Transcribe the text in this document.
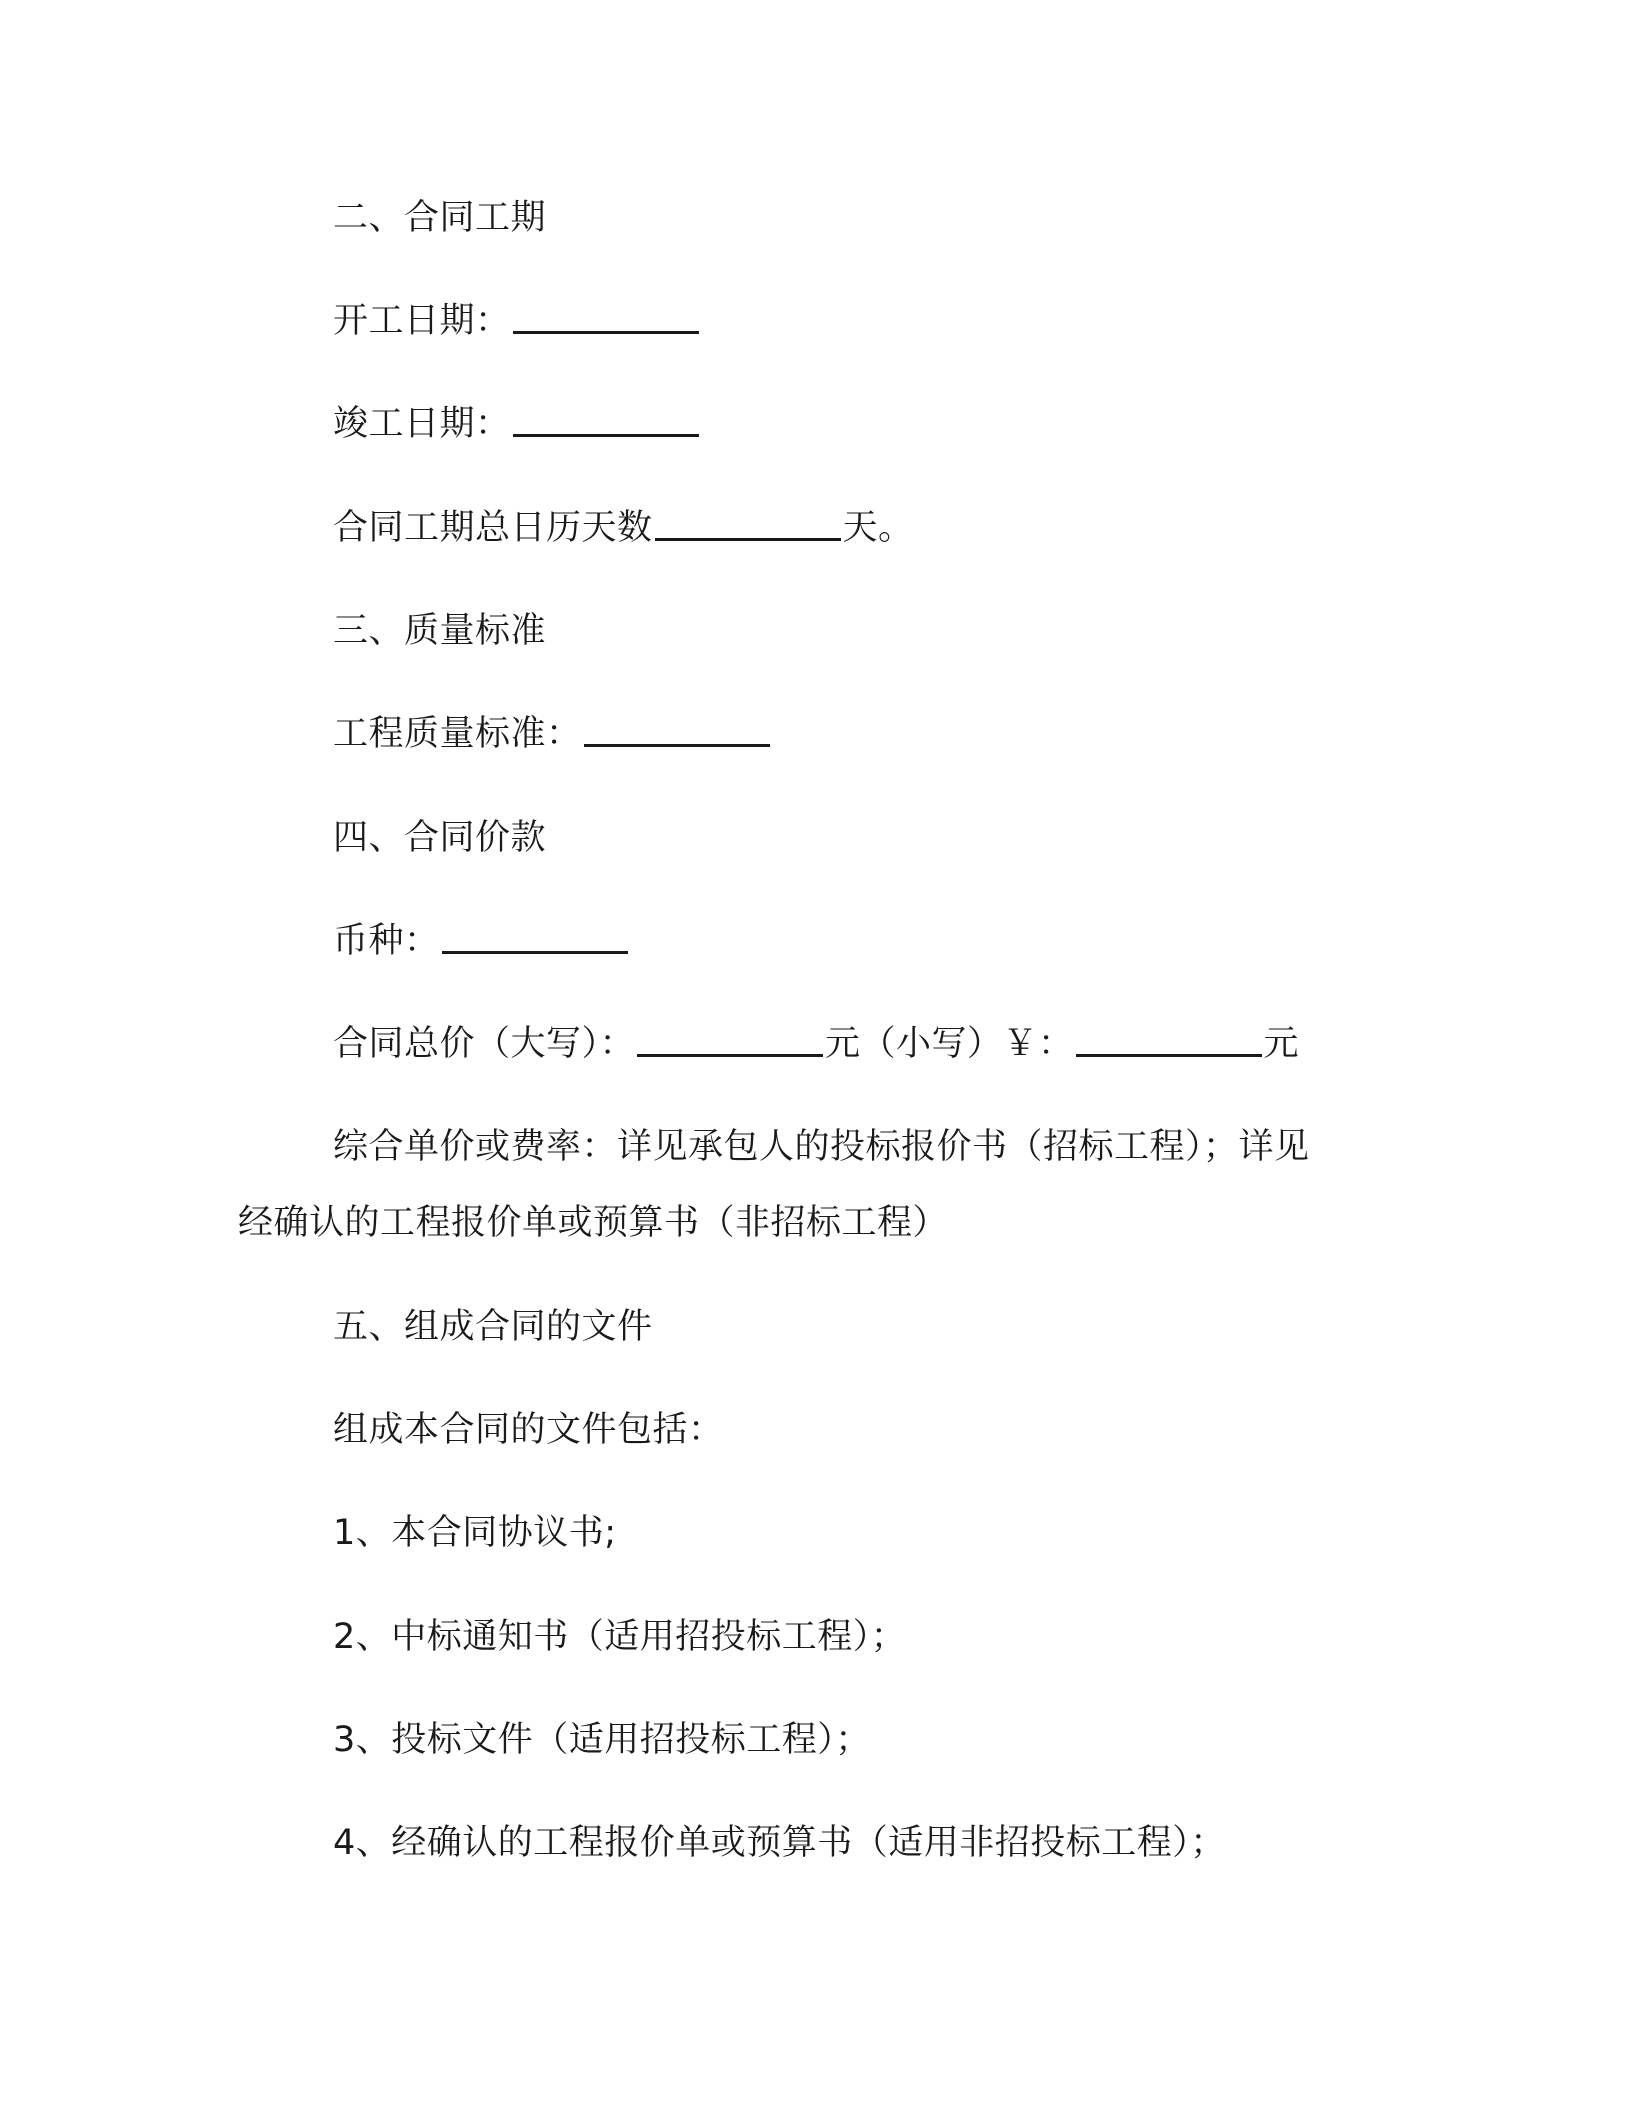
二、合同工期
开工日期：
竣工日期：
合同工期总日历天数	天。
三、质量标准
工程质量标准：
四、合同价款
币种：
合同总价（大写）：	元（小写）￥：	元
综合单价或费率：详见承包人的投标报价书（招标工程）；详见
经确认的工程报价单或预算书（非招标工程）
五、组成合同的文件
组成本合同的文件包括：
1、本合同协议书;
2、中标通知书（适用招投标工程）；
3、投标文件（适用招投标工程）；
4、经确认的工程报价单或预算书（适用非招投标工程）；
